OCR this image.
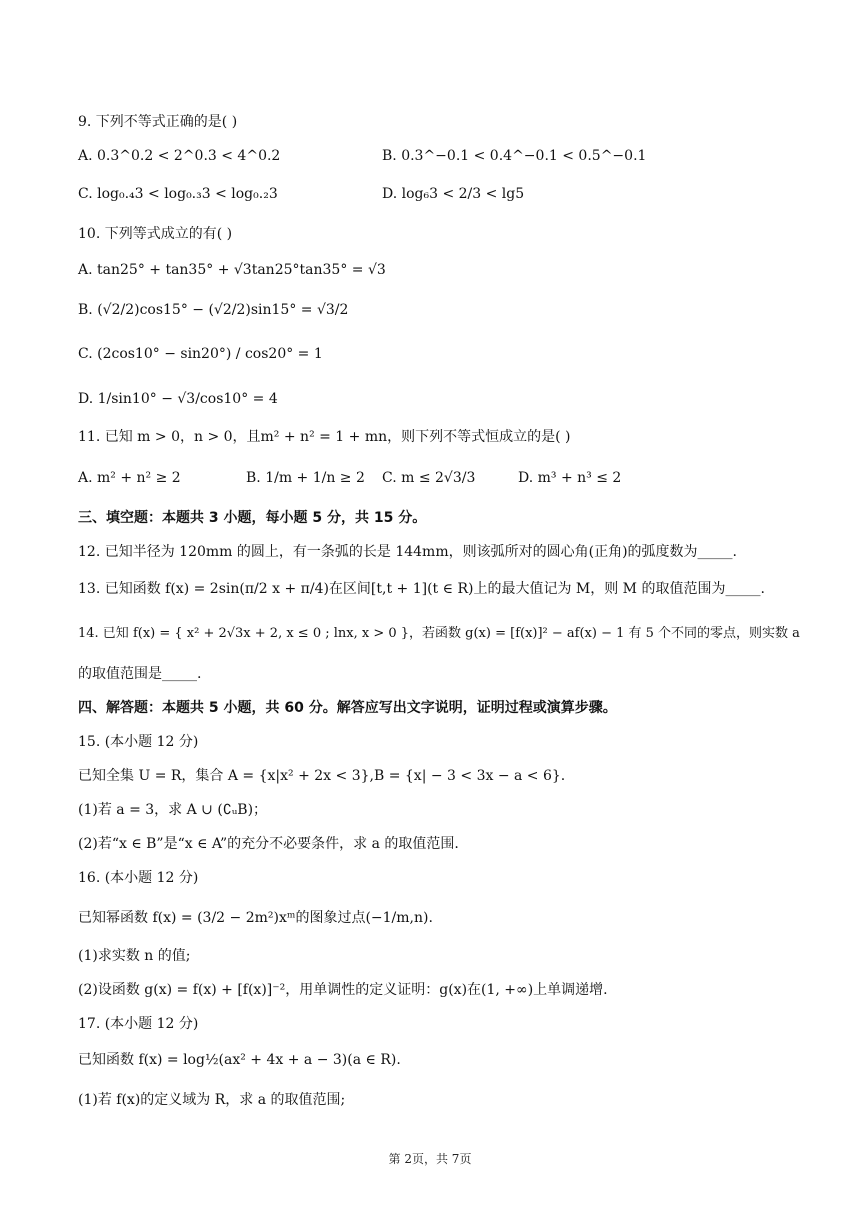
9. 下列不等式正确的是( )
A. 0.3^0.2 < 2^0.3 < 4^0.2	B. 0.3^−0.1 < 0.4^−0.1 < 0.5^−0.1
C. log₀.₄3 < log₀.₃3 < log₀.₂3	D. log₆3 < 2/3 < lg5
10. 下列等式成立的有( )
A. tan25° + tan35° + √3tan25°tan35° = √3
B. (√2/2)cos15° − (√2/2)sin15° = √3/2
C. (2cos10° − sin20°) / cos20° = 1
D. 1/sin10° − √3/cos10° = 4
11. 已知 m > 0，n > 0，且m² + n² = 1 + mn，则下列不等式恒成立的是( )
A. m² + n² ≥ 2	B. 1/m + 1/n ≥ 2 C. m ≤ 2√3/3	D. m³ + n³ ≤ 2
三、填空题：本题共 3 小题，每小题 5 分，共 15 分。
12. 已知半径为 120mm 的圆上，有一条弧的长是 144mm，则该弧所对的圆心角(正角)的弧度数为_____.
13. 已知函数 f(x) = 2sin(π/2 x + π/4)在区间[t,t + 1](t ∈ R)上的最大值记为 M，则 M 的取值范围为_____.
14. 已知 f(x) = { x² + 2√3x + 2, x ≤ 0 ; lnx, x > 0 }，若函数 g(x) = [f(x)]² − af(x) − 1 有 5 个不同的零点，则实数 a
的取值范围是_____.
四、解答题：本题共 5 小题，共 60 分。解答应写出文字说明，证明过程或演算步骤。
15. (本小题 12 分)
已知全集 U = R，集合 A = {x|x² + 2x < 3},B = {x| − 3 < 3x − a < 6}.
(1)若 a = 3，求 A ∪ (∁ᵤB)；
(2)若“x ∈ B”是“x ∈ A”的充分不必要条件，求 a 的取值范围.
16. (本小题 12 分)
已知幂函数 f(x) = (3/2 − 2m²)xᵐ的图象过点(−1/m,n).
(1)求实数 n 的值;
(2)设函数 g(x) = f(x) + [f(x)]⁻²，用单调性的定义证明：g(x)在(1, +∞)上单调递增.
17. (本小题 12 分)
已知函数 f(x) = log½(ax² + 4x + a − 3)(a ∈ R).
(1)若 f(x)的定义域为 R，求 a 的取值范围;
第 2页，共 7页
